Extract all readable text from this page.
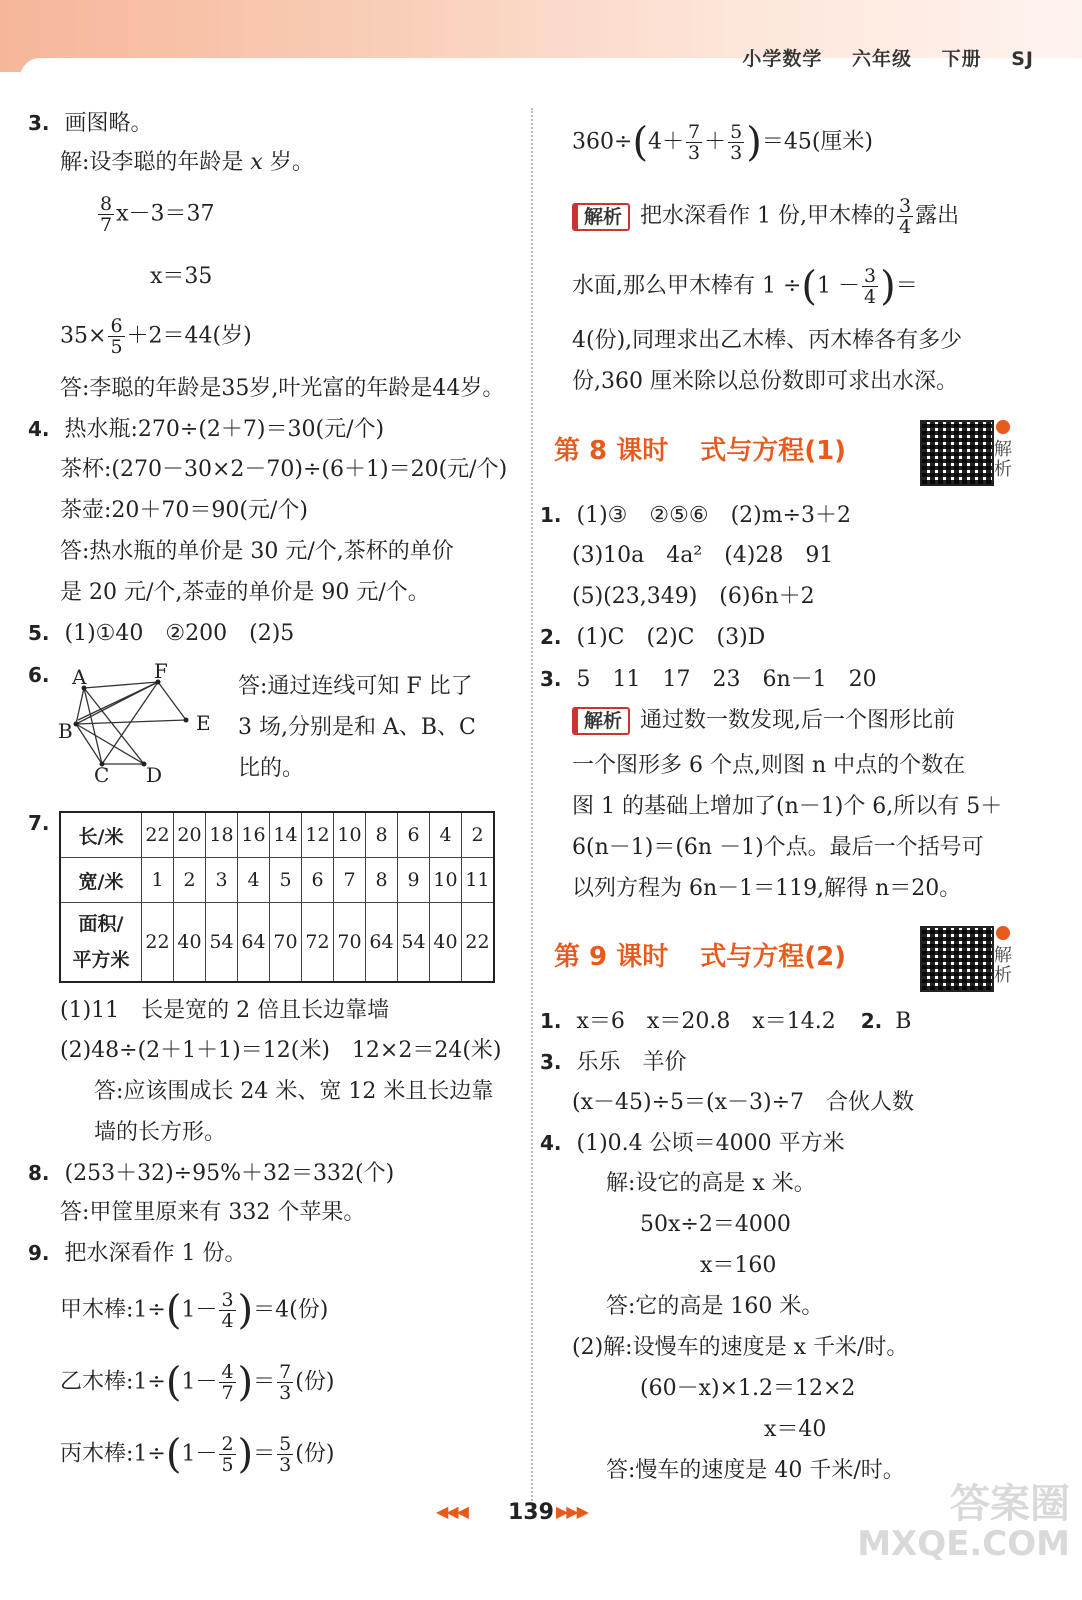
小学数学 六年级 下册 SJ
3. 画图略。
解:设李聪的年龄是 x 岁。
$\frac{8}{7} x-3=37$
x＝35
$35\times \frac{6}{5} +2=44$(岁)
答:李聪的年龄是35岁,叶光富的年龄是44岁。
4. 热水瓶:270÷(2＋7)＝30(元/个)
茶杯:(270－30×2－70)÷(6＋1)＝20(元/个)
茶壶:20＋70＝90(元/个)
答:热水瓶的单价是 30 元/个,茶杯的单价
是 20 元/个,茶壶的单价是 90 元/个。
5. (1)①40　②200　(2)5
6. A	F
B	E
C D
答:通过连线可知 F 比了
3 场,分别是和 A、B、C
比的。
7.
长/米	22	20	18	16	14	12	10	8	6	4	2
宽/米	1	2	3	4	5	6	7	8	9	10	11
面积/
平方米	22	40	54	64	70	72	70	64	54	40	22
(1)11　长是宽的 2 倍且长边靠墙
(2)48÷(2＋1＋1)＝12(米)　12×2＝24(米)
答:应该围成长 24 米、宽 12 米且长边靠
墙的长方形。
8. (253＋32)÷95%＋32＝332(个)
答:甲筐里原来有 332 个苹果。
9. 把水深看作 1 份。
甲木棒:1÷(1－ $\frac{3}{4} )=4$(份)
乙木棒:1÷(1－ $\frac{4}{7}$ )＝ $\frac{7}{3}$ (份)
丙木棒:1÷(1－ $\frac{2}{5}$ )＝ $\frac{5}{3}$ (份)
$360\div(4+ \frac{7}{3} + \frac{5}{3} )=45$(厘米)
解析 把水深看作 1 份,甲木棒的 $\frac{3}{4}$ 露出
水面,那么甲木棒有 $1 \div(1 - \frac{3}{4}$ )＝
4(份),同理求出乙木棒、丙木棒各有多少
份,360 厘米除以总份数即可求出水深。
第 8 课时 式与方程(1)	解析
1. (1)③　②⑤⑥　(2)m÷3＋2
(3)10a　4a²　(4)28　91
(5)(23,349)　(6)6n＋2
2. (1)C　(2)C　(3)D
3. 5　11　17　23　6n－1　20
解析 通过数一数发现,后一个图形比前
一个图形多 6 个点,则图 n 中点的个数在
图 1 的基础上增加了(n－1)个 6,所以有 5＋
6(n－1)＝(6n －1)个点。最后一个括号可
以列方程为 6n－1＝119,解得 n＝20。
第 9 课时 式与方程(2)	解析
1. x＝6　x＝20.8　x＝14.2 2. B
3. 乐乐　羊价
(x－45)÷5＝(x－3)÷7　合伙人数
4. (1)0.4 公顷＝4000 平方米
解:设它的高是 x 米。
50x÷2＝4000
x＝160
答:它的高是 160 米。
(2)解:设慢车的速度是 x 千米/时。
(60－x)×1.2＝12×2
x＝40
答:慢车的速度是 40 千米/时。
◀◀◀ 139 ▶▶▶	答案圈
MXQE.COM
